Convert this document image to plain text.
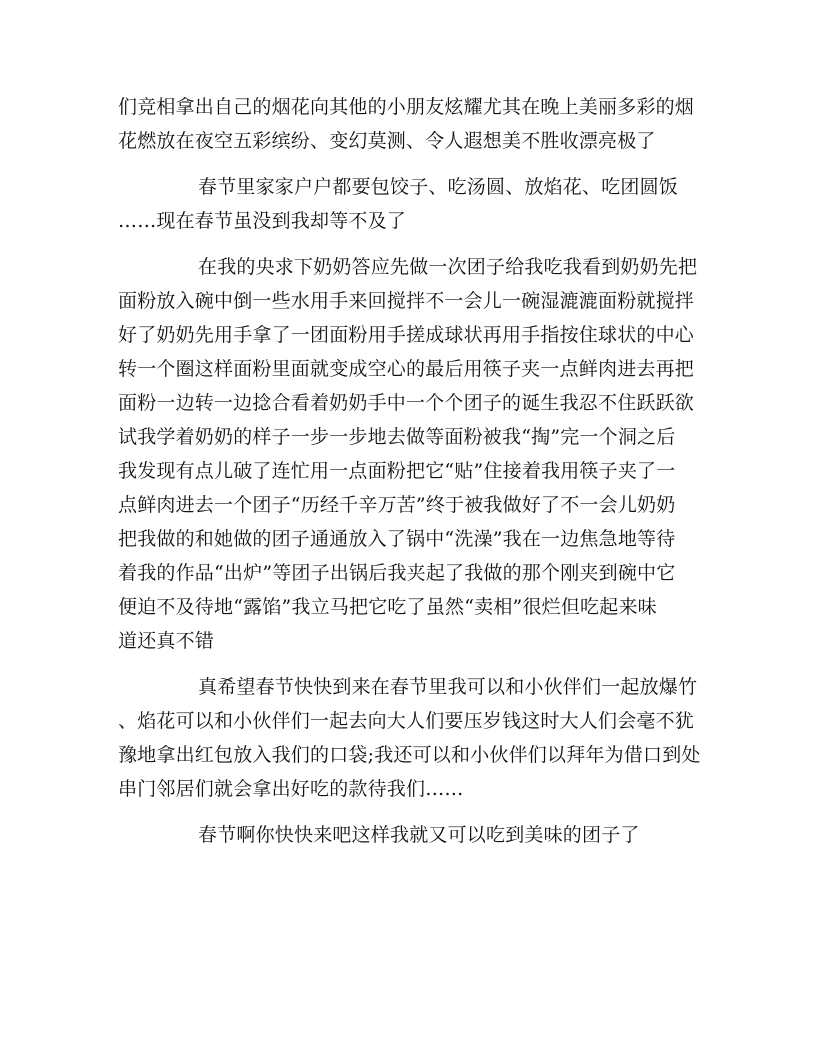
们竞相拿出自己的烟花向其他的小朋友炫耀尤其在晚上美丽多彩的烟
花燃放在夜空五彩缤纷、变幻莫测、令人遐想美不胜收漂亮极了
春节里家家户户都要包饺子、吃汤圆、放焰花、吃团圆饭
……现在春节虽没到我却等不及了
在我的央求下奶奶答应先做一次团子给我吃我看到奶奶先把
面粉放入碗中倒一些水用手来回搅拌不一会儿一碗湿漉漉面粉就搅拌
好了奶奶先用手拿了一团面粉用手搓成球状再用手指按住球状的中心
转一个圈这样面粉里面就变成空心的最后用筷子夹一点鲜肉进去再把
面粉一边转一边捻合看着奶奶手中一个个团子的诞生我忍不住跃跃欲
试我学着奶奶的样子一步一步地去做等面粉被我“掏”完一个洞之后
我发现有点儿破了连忙用一点面粉把它“贴”住接着我用筷子夹了一
点鲜肉进去一个团子“历经千辛万苦”终于被我做好了不一会儿奶奶
把我做的和她做的团子通通放入了锅中“洗澡”我在一边焦急地等待
着我的作品“出炉”等团子出锅后我夹起了我做的那个刚夹到碗中它
便迫不及待地“露馅”我立马把它吃了虽然“卖相”很烂但吃起来味
道还真不错
真希望春节快快到来在春节里我可以和小伙伴们一起放爆竹
、焰花可以和小伙伴们一起去向大人们要压岁钱这时大人们会毫不犹
豫地拿出红包放入我们的口袋;我还可以和小伙伴们以拜年为借口到处
串门邻居们就会拿出好吃的款待我们……
春节啊你快快来吧这样我就又可以吃到美味的团子了
